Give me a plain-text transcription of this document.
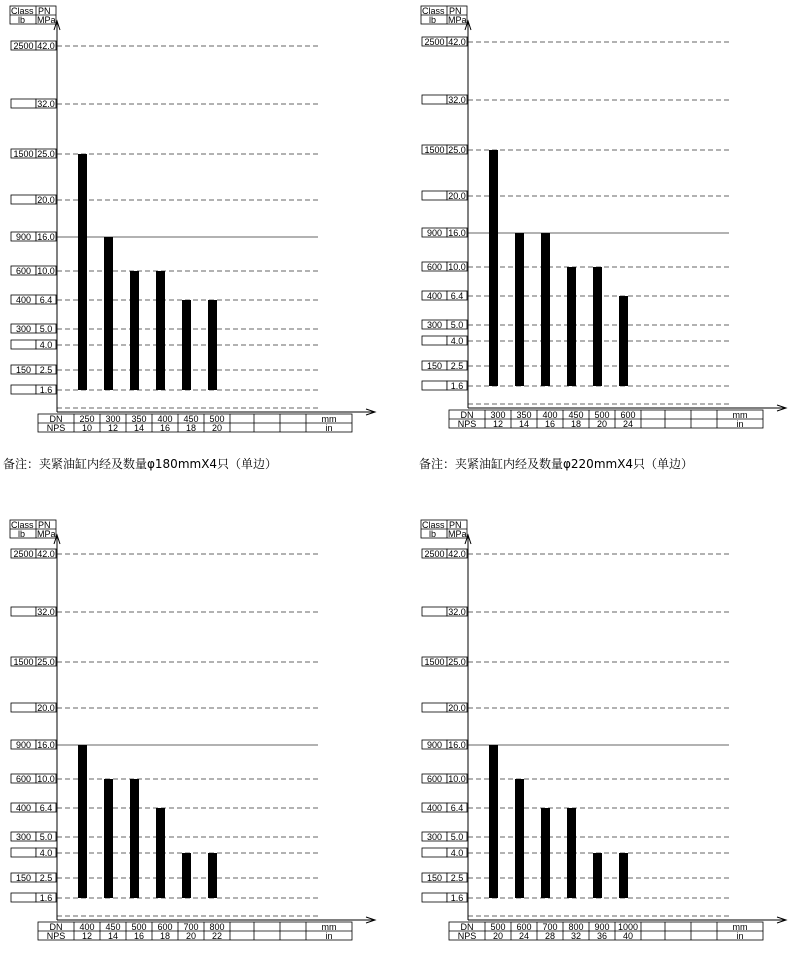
Class
lb
PN
MPa
2500 42.0
32.0
1500 25.0
20.0
900 16.0
600 10.0
400 6.4
300 5.0
4.0
150 2.5
1.6
DN
NPS
mm
in
250
10
300
12
350
14
400
16
450
18
500
20
备注：夹紧油缸内经及数量φ180mmX4只（单边）
Class
lb
PN
MPa
2500 42.0
32.0
1500 25.0
20.0
900 16.0
600 10.0
400 6.4
300 5.0
4.0
150 2.5
1.6
DN
NPS
mm
in
300
12
350
14
400
16
450
18
500
20
600
24
备注：夹紧油缸内经及数量φ220mmX4只（单边）
Class
lb
PN
MPa
2500 42.0
32.0
1500 25.0
20.0
900 16.0
600 10.0
400 6.4
300 5.0
4.0
150 2.5
1.6
DN
NPS
mm
in
400
12
450
14
500
16
600
18
700
20
800
22
Class
lb
PN
MPa
2500 42.0
32.0
1500 25.0
20.0
900 16.0
600 10.0
400 6.4
300 5.0
4.0
150 2.5
1.6
DN
NPS
mm
in
500
20
600
24
700
28
800
32
900
36
1000
40
